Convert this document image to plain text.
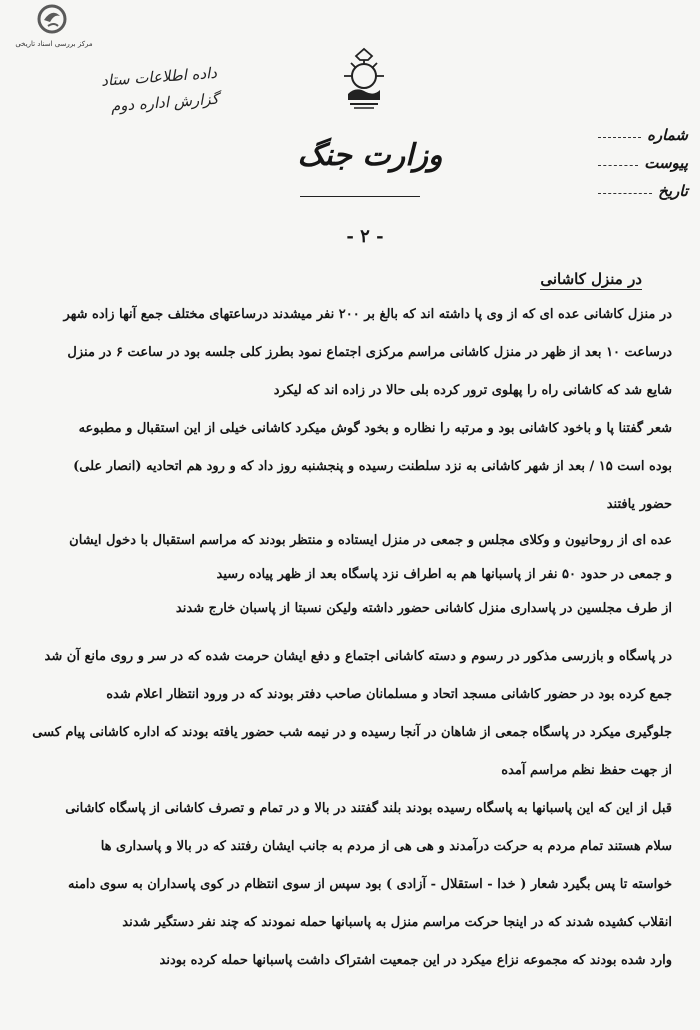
مرکز بررسی اسناد تاریخی
داده اطلاعات ستاد
گزارش اداره دوم
وزارت جنگ
شماره
پیوست
تاریخ
- ۲ -
در منزل کاشانی
در منزل کاشانی عده ای که از وی پا داشته اند که بالغ بر ۲۰۰ نفر میشدند درساعتهای مختلف جمع آنها زاده شهر
درساعت ۱۰ بعد از ظهر در منزل کاشانی مراسم مرکزی اجتماع نمود بطرز کلی جلسه بود در ساعت ۶ در منزل
شایع شد که کاشانی راه را پهلوی ترور کرده بلی حالا در زاده اند که لیکرد
شعر گفتنا پا و باخود کاشانی بود و مرتبه را نظاره و بخود گوش میکرد کاشانی خیلی از این استقبال و مطبوعه
بوده است ۱۵ / بعد از شهر کاشانی به نزد سلطنت رسیده و پنجشنبه روز داد که و رود هم اتحادیه (انصار علی)
حضور یافتند
عده ای از روحانیون و وکلای مجلس و جمعی در منزل ایستاده و منتظر بودند که مراسم استقبال با دخول ایشان
و جمعی در حدود ۵۰ نفر از پاسبانها هم به اطراف نزد پاسگاه بعد از ظهر پیاده رسید
از طرف مجلسین در پاسداری منزل کاشانی حضور داشته ولیکن نسبتا از پاسبان خارج شدند
در پاسگاه و بازرسی مذکور در رسوم و دسته کاشانی اجتماع و دفع ایشان حرمت شده که در سر و روی مانع آن شد
جمع کرده بود در حضور کاشانی مسجد اتحاد و مسلمانان صاحب دفتر بودند که در ورود انتظار اعلام شده
جلوگیری میکرد در پاسگاه جمعی از شاهان در آنجا رسیده و در نیمه شب حضور یافته بودند که اداره کاشانی پیام کسی
از جهت حفظ نظم مراسم آمده
قبل از این که این پاسبانها به پاسگاه رسیده بودند بلند گفتند در بالا و در تمام و تصرف کاشانی از پاسگاه کاشانی
سلام هستند تمام مردم به حرکت درآمدند و هی هی از مردم به جانب ایشان رفتند که در بالا و پاسداری ها
خواسته تا پس بگیرد شعار ( خدا - استقلال - آزادی ) بود سپس از سوی انتظام در کوی پاسداران به سوی دامنه
انقلاب کشیده شدند که در اینجا حرکت مراسم منزل به پاسبانها حمله نمودند که چند نفر دستگیر شدند
وارد شده بودند که مجموعه نزاع میکرد در این جمعیت اشتراک داشت پاسبانها حمله کرده بودند
